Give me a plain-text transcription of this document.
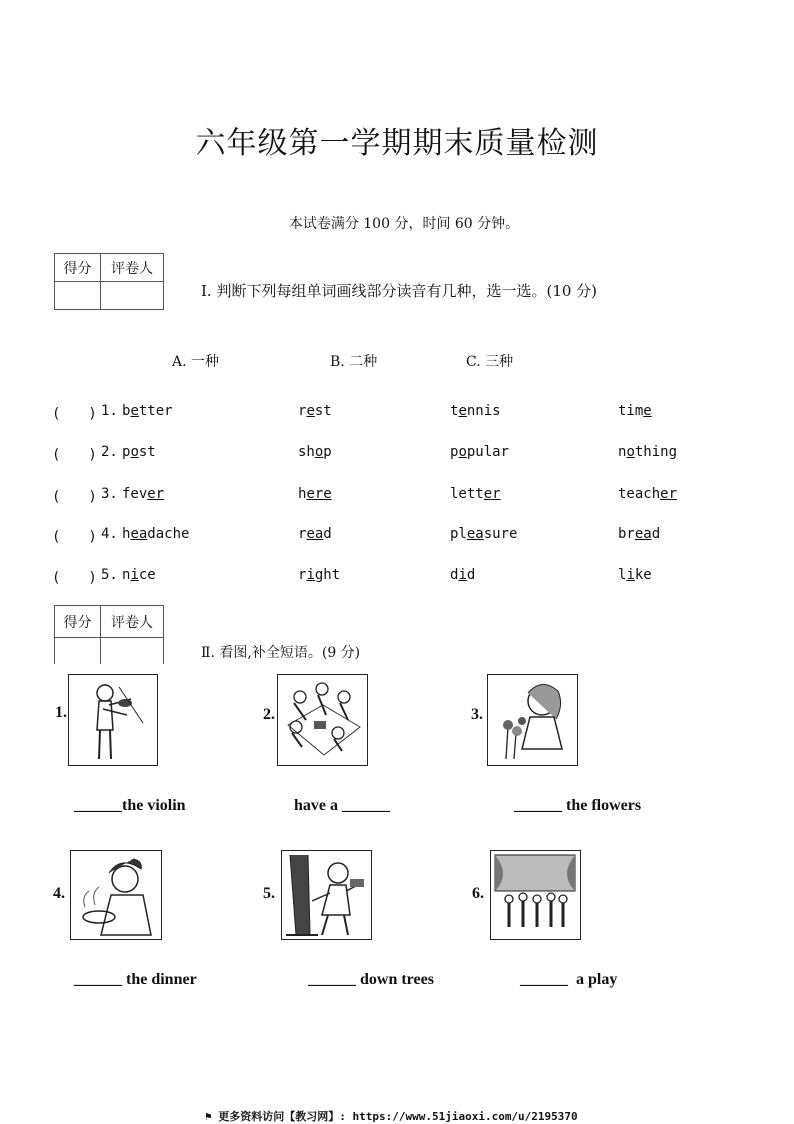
六年级第一学期期末质量检测
本试卷满分 100 分，时间 60 分钟。
得分	评卷人

Ⅰ. 判断下列每组单词画线部分读音有几种，选一选。(10 分)
A. 一种	B. 二种	C. 三种
(　　) 1. better	rest	tennis	time
(　　) 2. post	shop	popular	nothing
(　　) 3. fever	here	letter	teacher
(　　) 4. headache	read	pleasure	bread
(　　) 5. nice	right	did	like
得分	评卷人

Ⅱ. 看图,补全短语。(9 分)
1.
______the violin
2.
have a ______
3.
______ the flowers
4.
______ the dinner
5.
______ down trees
6.
______ a play
⚑ 更多资料访问【教习网】: https://www.51jiaoxi.com/u/2195370
